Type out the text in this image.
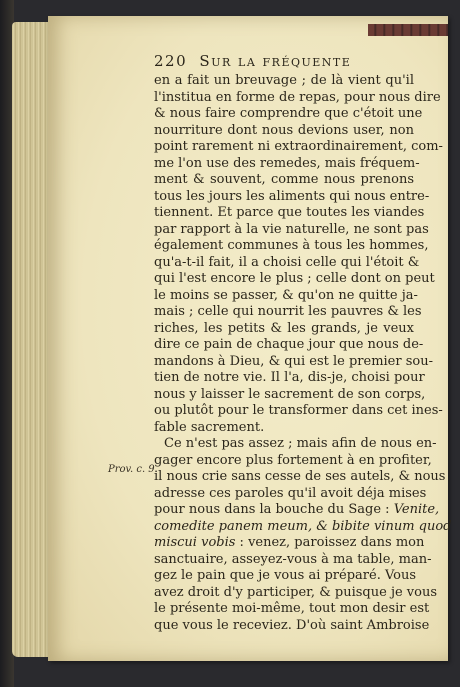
220 Sur la fréquente
Prov. c. 9.
en a fait un breuvage ; de là vient qu'il
l'institua en forme de repas, pour nous dire
& nous faire comprendre que c'étoit une
nourriture dont nous devions user, non
point rarement ni extraordinairement, com-
me l'on use des remedes, mais fréquem-
ment & souvent, comme nous prenons
tous les jours les aliments qui nous entre-
tiennent. Et parce que toutes les viandes
par rapport à la vie naturelle, ne sont pas
également communes à tous les hommes,
qu'a-t-il fait, il a choisi celle qui l'étoit &
qui l'est encore le plus ; celle dont on peut
le moins se passer, & qu'on ne quitte ja-
mais ; celle qui nourrit les pauvres & les
riches, les petits & les grands, je veux
dire ce pain de chaque jour que nous de-
mandons à Dieu, & qui est le premier sou-
tien de notre vie. Il l'a, dis-je, choisi pour
nous y laisser le sacrement de son corps,
ou plutôt pour le transformer dans cet ines-
fable sacrement.
Ce n'est pas assez ; mais afin de nous en-
gager encore plus fortement à en profiter,
il nous crie sans cesse de ses autels, & nous
adresse ces paroles qu'il avoit déja mises
pour nous dans la bouche du Sage : Venite,
comedite panem meum, & bibite vinum quod
miscui vobis : venez, paroissez dans mon
sanctuaire, asseyez-vous à ma table, man-
gez le pain que je vous ai préparé. Vous
avez droit d'y participer, & puisque je vous
le présente moi-même, tout mon desir est
que vous le receviez. D'où saint Ambroise
